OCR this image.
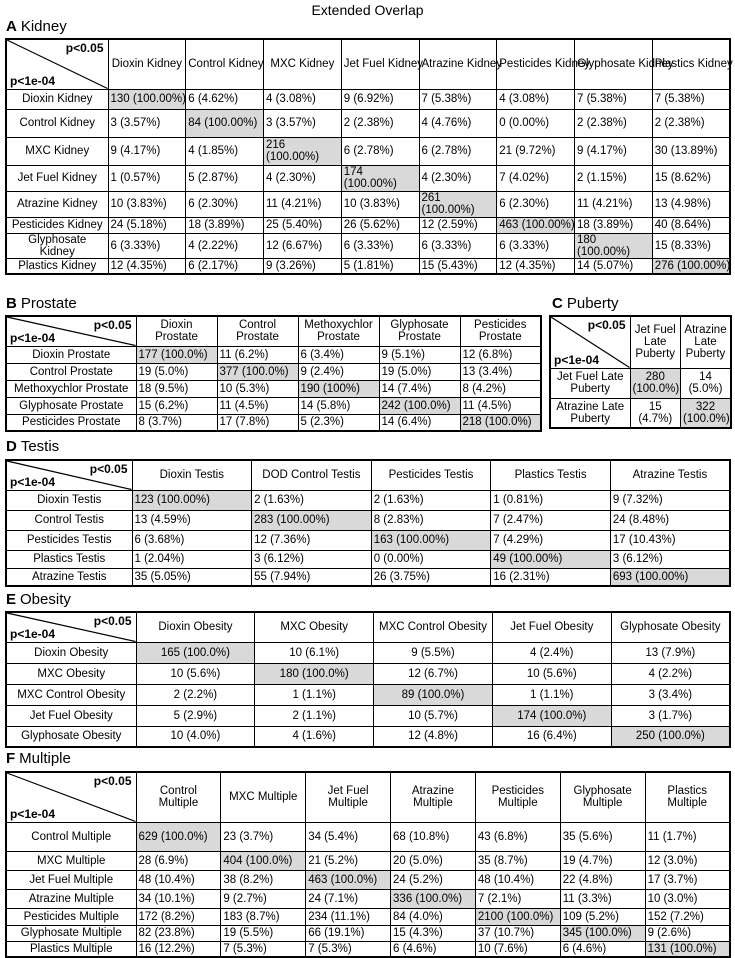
Extended Overlap
A Kidney
B Prostate	C Puberty
D Testis
E Obesity
F Multiple
p<0.05
p<1e-04	Dioxin Kidney	Control Kidney	MXC Kidney	Jet Fuel Kidney	Atrazine Kidney	Pesticides Kidney	Glyphosate Kidney	Plastics Kidney
Dioxin Kidney	130 (100.00%)	6 (4.62%)	4 (3.08%)	9 (6.92%)	7 (5.38%)	4 (3.08%)	7 (5.38%)	7 (5.38%)
Control Kidney	3 (3.57%)	84 (100.00%)	3 (3.57%)	2 (2.38%)	4 (4.76%)	0 (0.00%)	2 (2.38%)	2 (2.38%)
MXC Kidney	9 (4.17%)	4 (1.85%)	216 (100.00%)	6 (2.78%)	6 (2.78%)	21 (9.72%)	9 (4.17%)	30 (13.89%)
Jet Fuel Kidney	1 (0.57%)	5 (2.87%)	4 (2.30%)	174 (100.00%)	4 (2.30%)	7 (4.02%)	2 (1.15%)	15 (8.62%)
Atrazine Kidney	10 (3.83%)	6 (2.30%)	11 (4.21%)	10 (3.83%)	261 (100.00%)	6 (2.30%)	11 (4.21%)	13 (4.98%)
Pesticides Kidney	24 (5.18%)	18 (3.89%)	25 (5.40%)	26 (5.62%)	12 (2.59%)	463 (100.00%)	18 (3.89%)	40 (8.64%)
Glyphosate Kidney	6 (3.33%)	4 (2.22%)	12 (6.67%)	6 (3.33%)	6 (3.33%)	6 (3.33%)	180 (100.00%)	15 (8.33%)
Plastics Kidney	12 (4.35%)	6 (2.17%)	9 (3.26%)	5 (1.81%)	15 (5.43%)	12 (4.35%)	14 (5.07%)	276 (100.00%)
p<0.05
p<1e-04	Dioxin Prostate	Control Prostate	Methoxychlor Prostate	Glyphosate Prostate	Pesticides Prostate
Dioxin Prostate	177 (100.0%)	11 (6.2%)	6 (3.4%)	9 (5.1%)	12 (6.8%)
Control Prostate	19 (5.0%)	377 (100.0%)	9 (2.4%)	19 (5.0%)	13 (3.4%)
Methoxychlor Prostate	18 (9.5%)	10 (5.3%)	190 (100%)	14 (7.4%)	8 (4.2%)
Glyphosate Prostate	15 (6.2%)	11 (4.5%)	14 (5.8%)	242 (100.0%)	11 (4.5%)
Pesticides Prostate	8 (3.7%)	17 (7.8%)	5 (2.3%)	14 (6.4%)	218 (100.0%)
p<0.05
p<1e-04	Jet Fuel Late Puberty	Atrazine Late Puberty
Jet Fuel Late Puberty	280 (100.0%)	14 (5.0%)
Atrazine Late Puberty	15 (4.7%)	322 (100.0%)
p<0.05
p<1e-04	Dioxin Testis	DOD Control Testis	Pesticides Testis	Plastics Testis	Atrazine Testis
Dioxin Testis	123 (100.00%)	2 (1.63%)	2 (1.63%)	1 (0.81%)	9 (7.32%)
Control Testis	13 (4.59%)	283 (100.00%)	8 (2.83%)	7 (2.47%)	24 (8.48%)
Pesticides Testis	6 (3.68%)	12 (7.36%)	163 (100.00%)	7 (4.29%)	17 (10.43%)
Plastics Testis	1 (2.04%)	3 (6.12%)	0 (0.00%)	49 (100.00%)	3 (6.12%)
Atrazine Testis	35 (5.05%)	55 (7.94%)	26 (3.75%)	16 (2.31%)	693 (100.00%)
p<0.05
p<1e-04	Dioxin Obesity	MXC Obesity	MXC Control Obesity	Jet Fuel Obesity	Glyphosate Obesity
Dioxin Obesity	165 (100.0%)	10 (6.1%)	9 (5.5%)	4 (2.4%)	13 (7.9%)
MXC Obesity	10 (5.6%)	180 (100.0%)	12 (6.7%)	10 (5.6%)	4 (2.2%)
MXC Control Obesity	2 (2.2%)	1 (1.1%)	89 (100.0%)	1 (1.1%)	3 (3.4%)
Jet Fuel Obesity	5 (2.9%)	2 (1.1%)	10 (5.7%)	174 (100.0%)	3 (1.7%)
Glyphosate Obesity	10 (4.0%)	4 (1.6%)	12 (4.8%)	16 (6.4%)	250 (100.0%)
p<0.05
p<1e-04	Control Multiple	MXC Multiple	Jet Fuel Multiple	Atrazine Multiple	Pesticides Multiple	Glyphosate Multiple	Plastics Multiple
Control Multiple	629 (100.0%)	23 (3.7%)	34 (5.4%)	68 (10.8%)	43 (6.8%)	35 (5.6%)	11 (1.7%)
MXC Multiple	28 (6.9%)	404 (100.0%)	21 (5.2%)	20 (5.0%)	35 (8.7%)	19 (4.7%)	12 (3.0%)
Jet Fuel Multiple	48 (10.4%)	38 (8.2%)	463 (100.0%)	24 (5.2%)	48 (10.4%)	22 (4.8%)	17 (3.7%)
Atrazine Multiple	34 (10.1%)	9 (2.7%)	24 (7.1%)	336 (100.0%)	7 (2.1%)	11 (3.3%)	10 (3.0%)
Pesticides Multiple	172 (8.2%)	183 (8.7%)	234 (11.1%)	84 (4.0%)	2100 (100.0%)	109 (5.2%)	152 (7.2%)
Glyphosate Multiple	82 (23.8%)	19 (5.5%)	66 (19.1%)	15 (4.3%)	37 (10.7%)	345 (100.0%)	9 (2.6%)
Plastics Multiple	16 (12.2%)	7 (5.3%)	7 (5.3%)	6 (4.6%)	10 (7.6%)	6 (4.6%)	131 (100.0%)
